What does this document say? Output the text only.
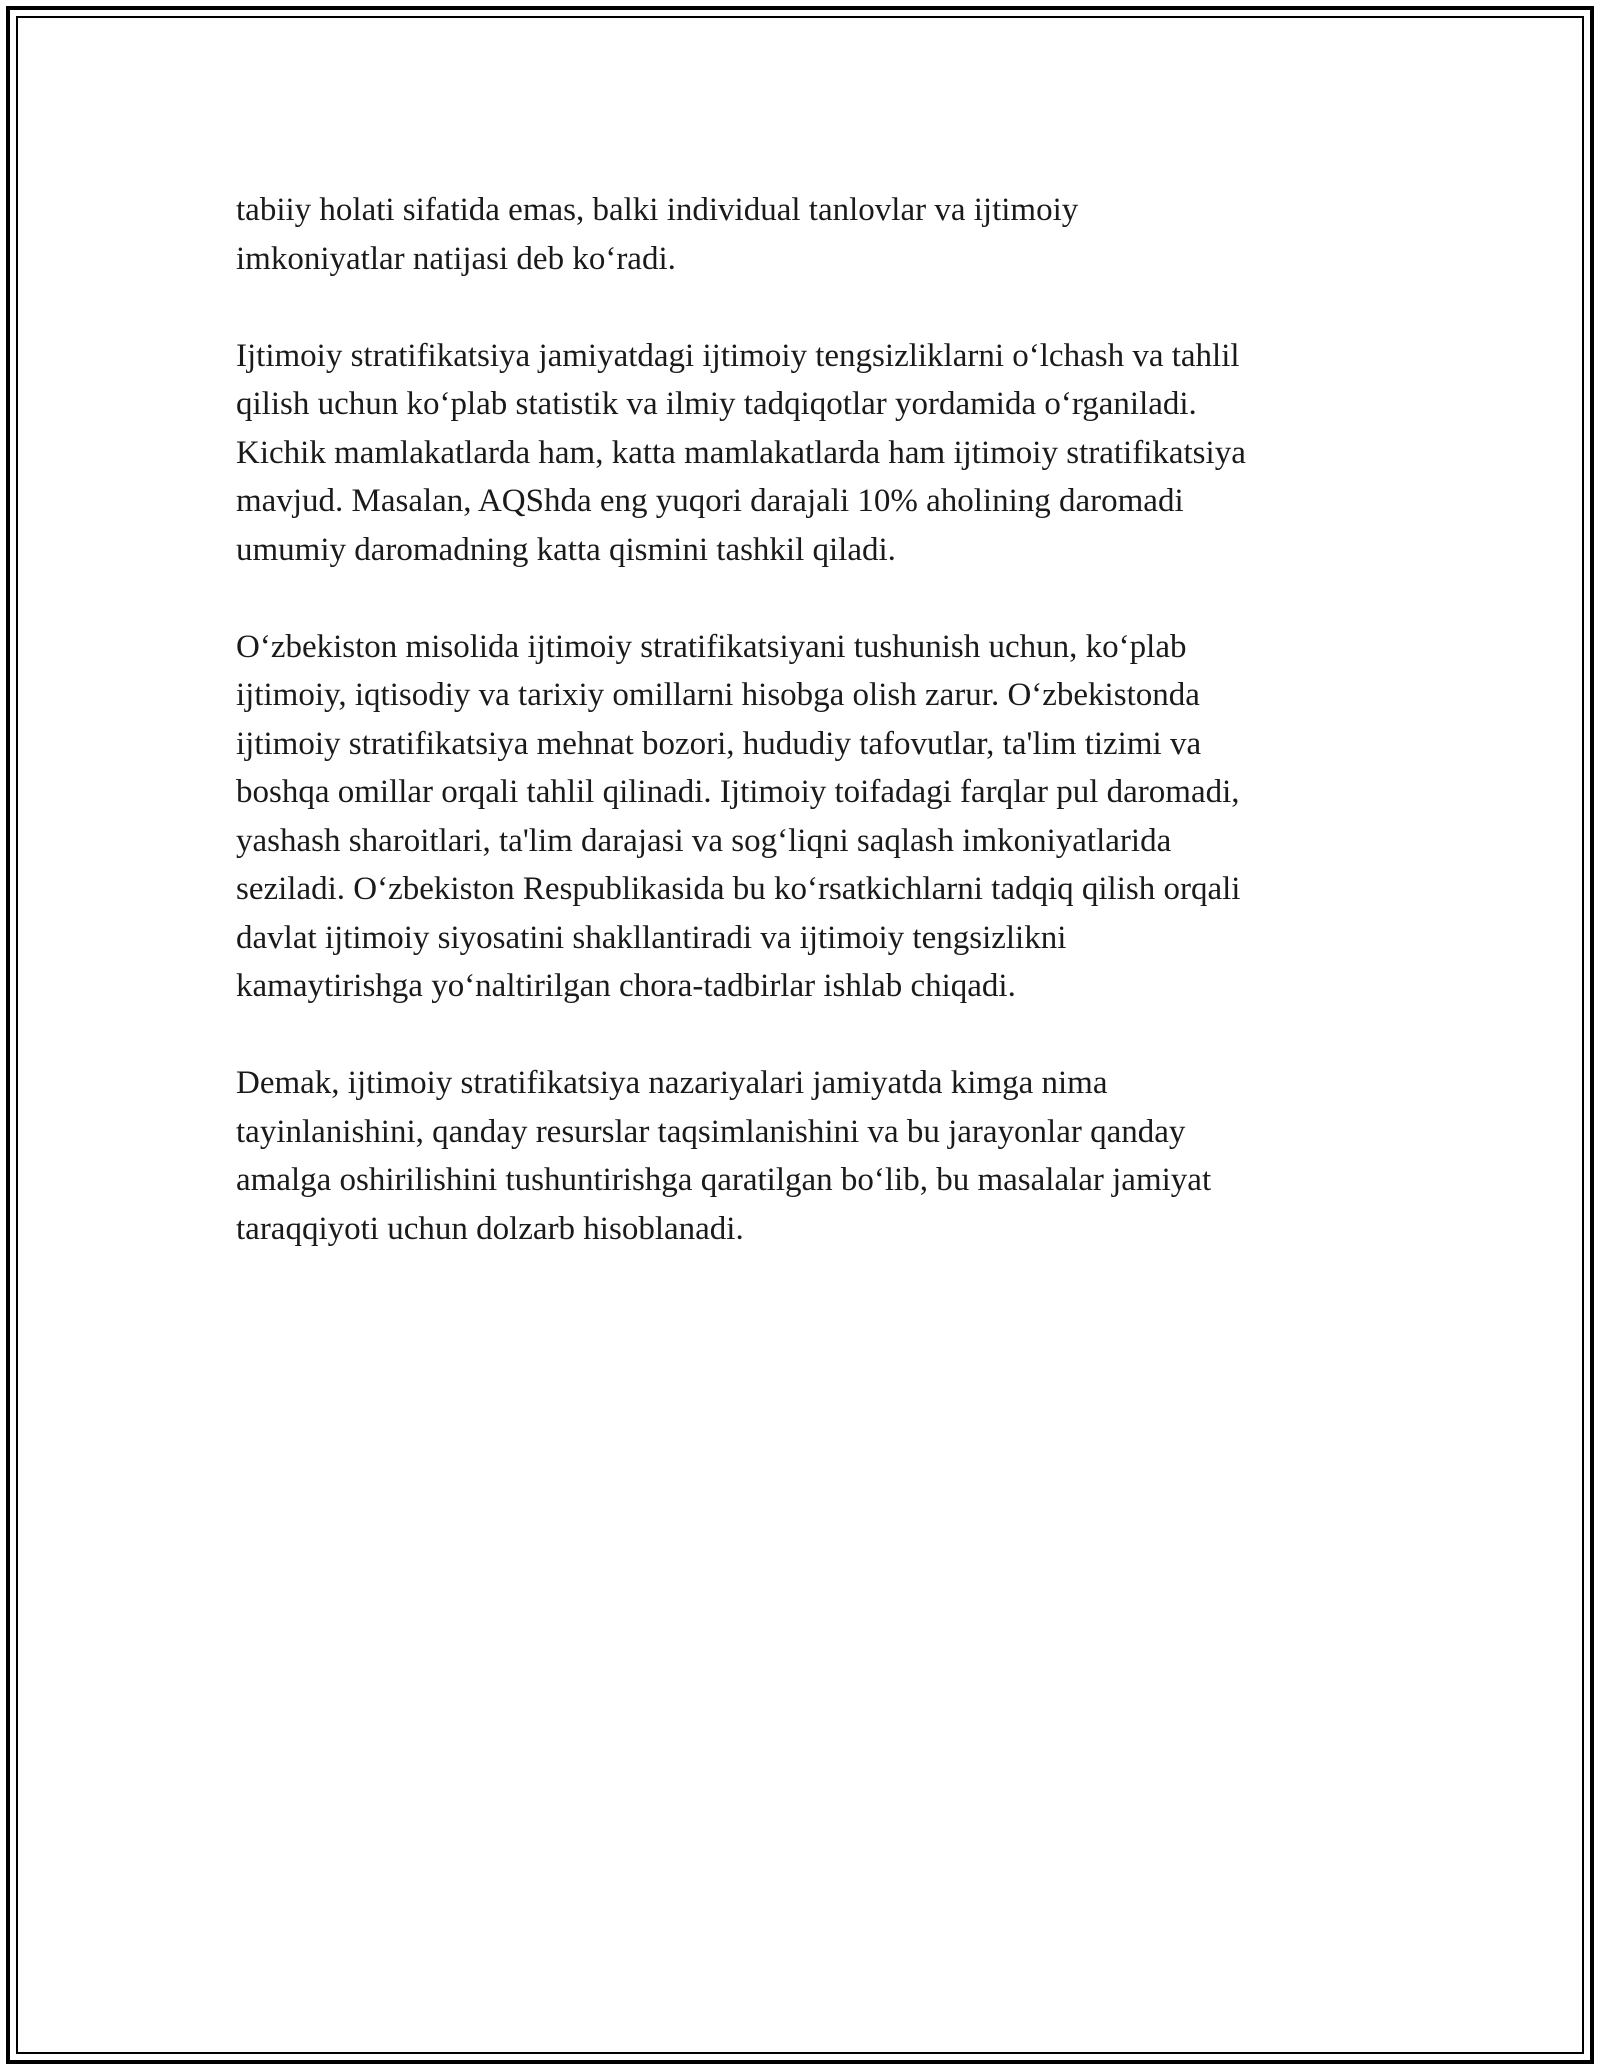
tabiiy holati sifatida emas, balki individual tanlovlar va ijtimoiy
imkoniyatlar natijasi deb ko‘radi.

Ijtimoiy stratifikatsiya jamiyatdagi ijtimoiy tengsizliklarni o‘lchash va tahlil
qilish uchun ko‘plab statistik va ilmiy tadqiqotlar yordamida o‘rganiladi.
Kichik mamlakatlarda ham, katta mamlakatlarda ham ijtimoiy stratifikatsiya
mavjud. Masalan, AQShda eng yuqori darajali 10% aholining daromadi
umumiy daromadning katta qismini tashkil qiladi.

O‘zbekiston misolida ijtimoiy stratifikatsiyani tushunish uchun, ko‘plab
ijtimoiy, iqtisodiy va tarixiy omillarni hisobga olish zarur. O‘zbekistonda
ijtimoiy stratifikatsiya mehnat bozori, hududiy tafovutlar, ta'lim tizimi va
boshqa omillar orqali tahlil qilinadi. Ijtimoiy toifadagi farqlar pul daromadi,
yashash sharoitlari, ta'lim darajasi va sog‘liqni saqlash imkoniyatlarida
seziladi. O‘zbekiston Respublikasida bu ko‘rsatkichlarni tadqiq qilish orqali
davlat ijtimoiy siyosatini shakllantiradi va ijtimoiy tengsizlikni
kamaytirishga yo‘naltirilgan chora-tadbirlar ishlab chiqadi.

Demak, ijtimoiy stratifikatsiya nazariyalari jamiyatda kimga nima
tayinlanishini, qanday resurslar taqsimlanishini va bu jarayonlar qanday
amalga oshirilishini tushuntirishga qaratilgan bo‘lib, bu masalalar jamiyat
taraqqiyoti uchun dolzarb hisoblanadi.
